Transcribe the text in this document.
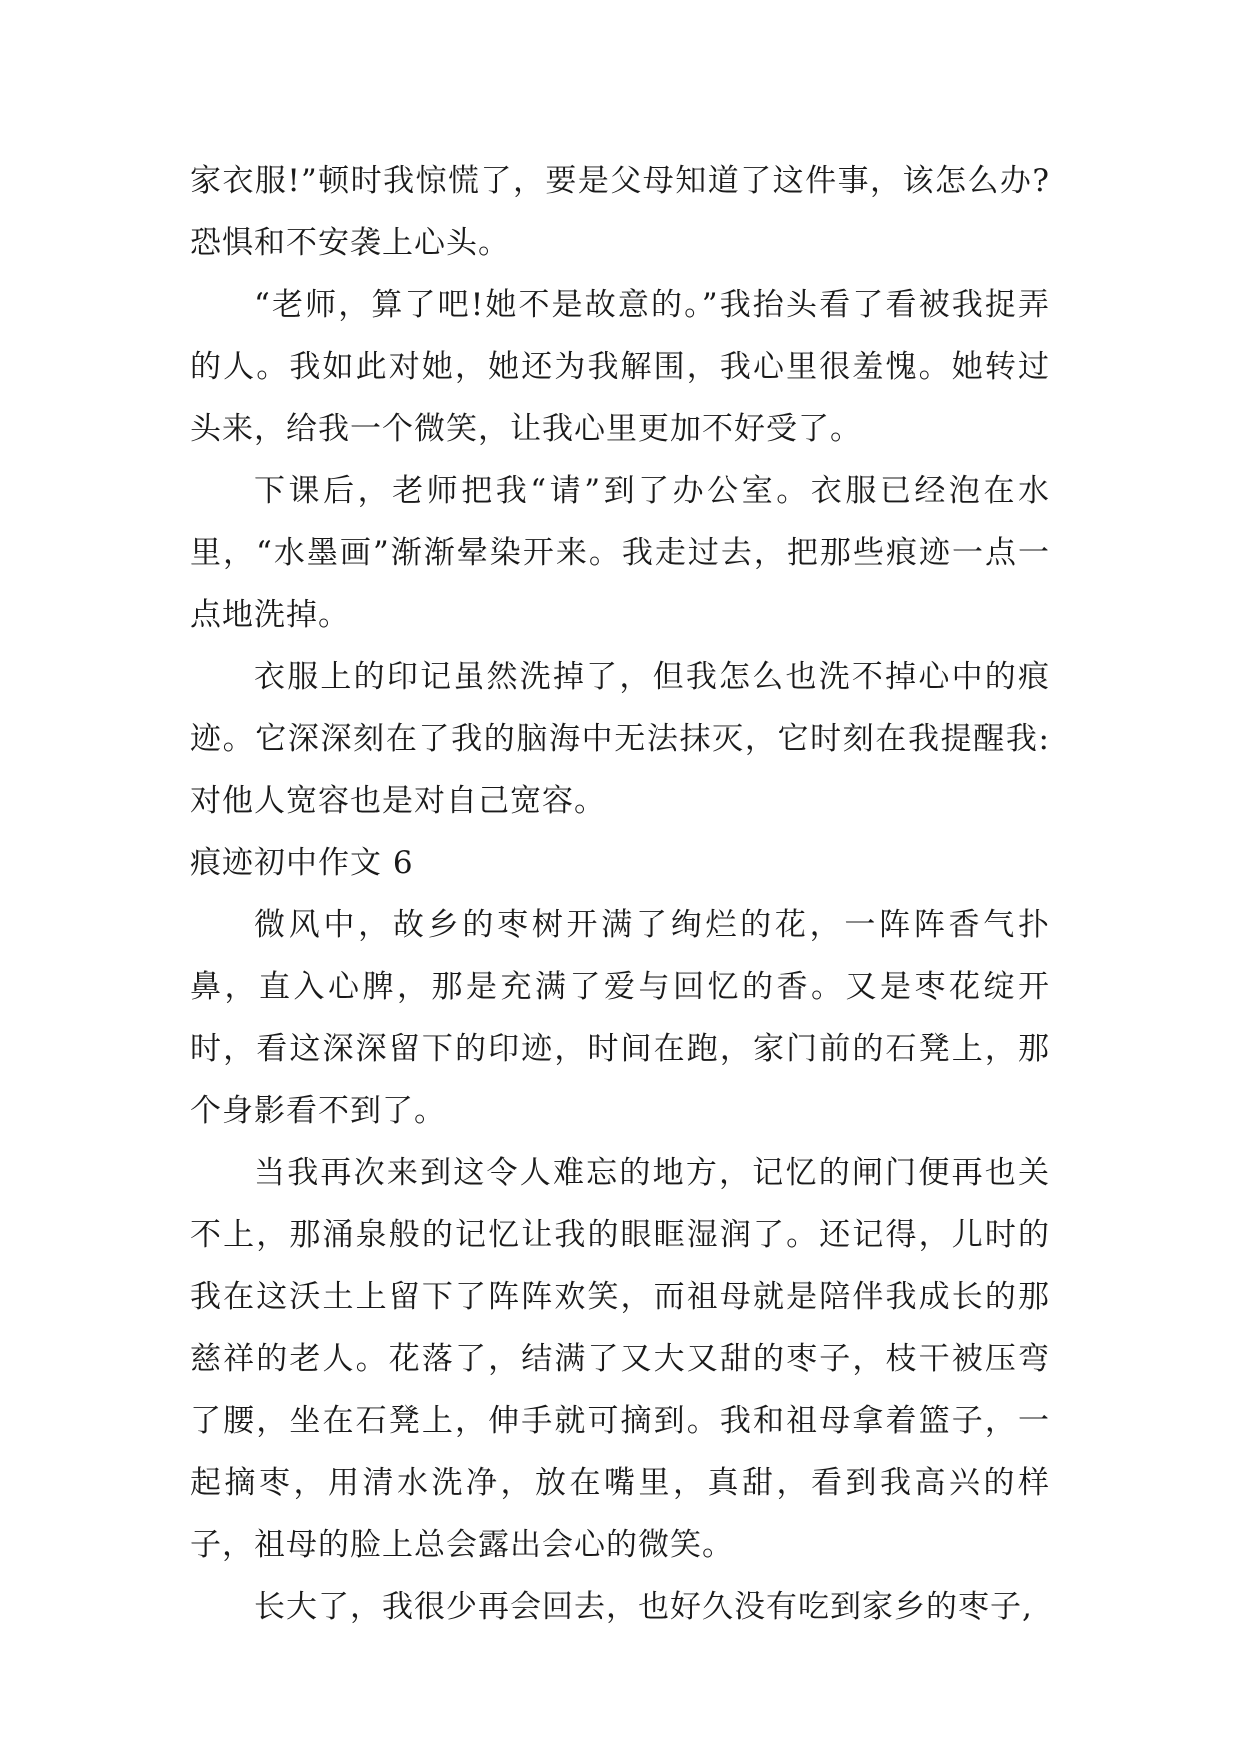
家衣服!”顿时我惊慌了，要是父母知道了这件事，该怎么办?恐惧和不安袭上心头。

“老师，算了吧!她不是故意的。”我抬头看了看被我捉弄的人。我如此对她，她还为我解围，我心里很羞愧。她转过头来，给我一个微笑，让我心里更加不好受了。

下课后，老师把我“请”到了办公室。衣服已经泡在水里，“水墨画”渐渐晕染开来。我走过去，把那些痕迹一点一点地洗掉。

衣服上的印记虽然洗掉了，但我怎么也洗不掉心中的痕迹。它深深刻在了我的脑海中无法抹灭，它时刻在我提醒我:对他人宽容也是对自己宽容。

痕迹初中作文 6

微风中，故乡的枣树开满了绚烂的花，一阵阵香气扑鼻，直入心脾，那是充满了爱与回忆的香。又是枣花绽开时，看这深深留下的印迹，时间在跑，家门前的石凳上，那个身影看不到了。

当我再次来到这令人难忘的地方，记忆的闸门便再也关不上，那涌泉般的记忆让我的眼眶湿润了。还记得，儿时的我在这沃土上留下了阵阵欢笑，而祖母就是陪伴我成长的那慈祥的老人。花落了，结满了又大又甜的枣子，枝干被压弯了腰，坐在石凳上，伸手就可摘到。我和祖母拿着篮子，一起摘枣，用清水洗净，放在嘴里，真甜，看到我高兴的样子，祖母的脸上总会露出会心的微笑。

长大了，我很少再会回去，也好久没有吃到家乡的枣子,
